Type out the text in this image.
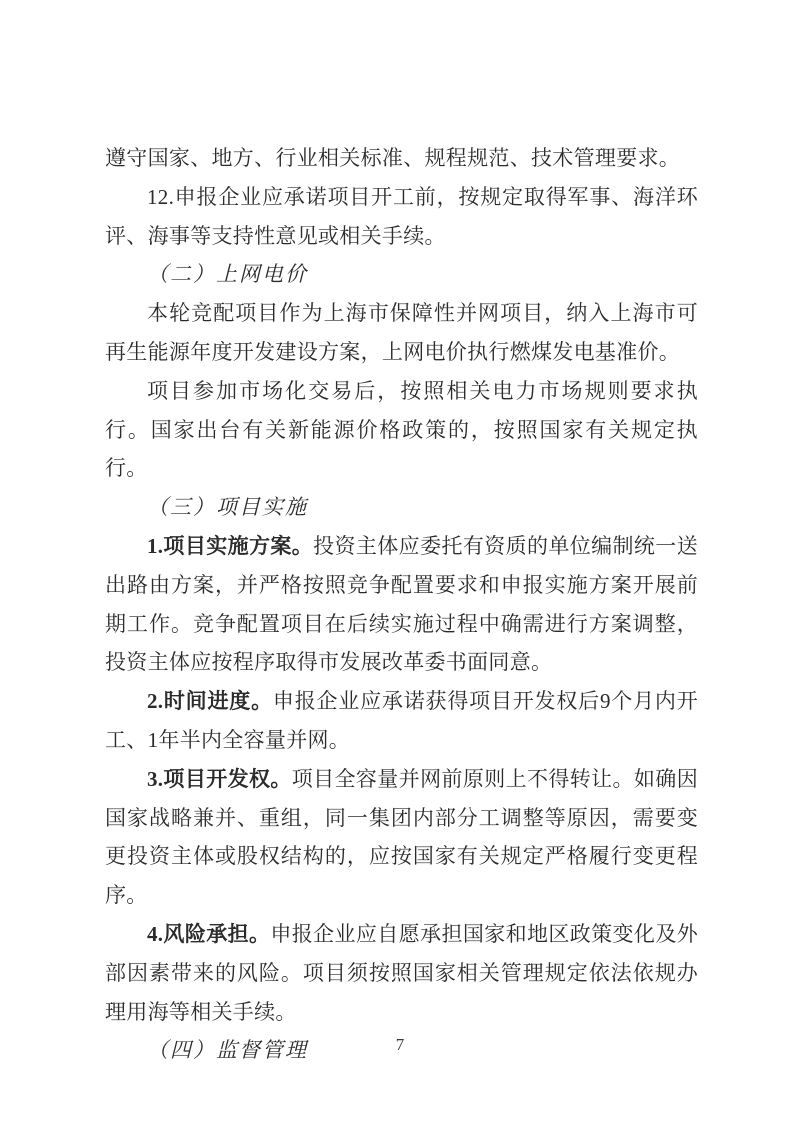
遵守国家、地方、行业相关标准、规程规范、技术管理要求。

12.申报企业应承诺项目开工前，按规定取得军事、海洋环评、海事等支持性意见或相关手续。

（二）上网电价

本轮竞配项目作为上海市保障性并网项目，纳入上海市可再生能源年度开发建设方案，上网电价执行燃煤发电基准价。

项目参加市场化交易后，按照相关电力市场规则要求执行。国家出台有关新能源价格政策的，按照国家有关规定执行。

（三）项目实施

1.项目实施方案。投资主体应委托有资质的单位编制统一送出路由方案，并严格按照竞争配置要求和申报实施方案开展前期工作。竞争配置项目在后续实施过程中确需进行方案调整，投资主体应按程序取得市发展改革委书面同意。

2.时间进度。申报企业应承诺获得项目开发权后9个月内开工、1年半内全容量并网。

3.项目开发权。项目全容量并网前原则上不得转让。如确因国家战略兼并、重组，同一集团内部分工调整等原因，需要变更投资主体或股权结构的，应按国家有关规定严格履行变更程序。

4.风险承担。申报企业应自愿承担国家和地区政策变化及外部因素带来的风险。项目须按照国家相关管理规定依法依规办理用海等相关手续。

（四）监督管理	7
